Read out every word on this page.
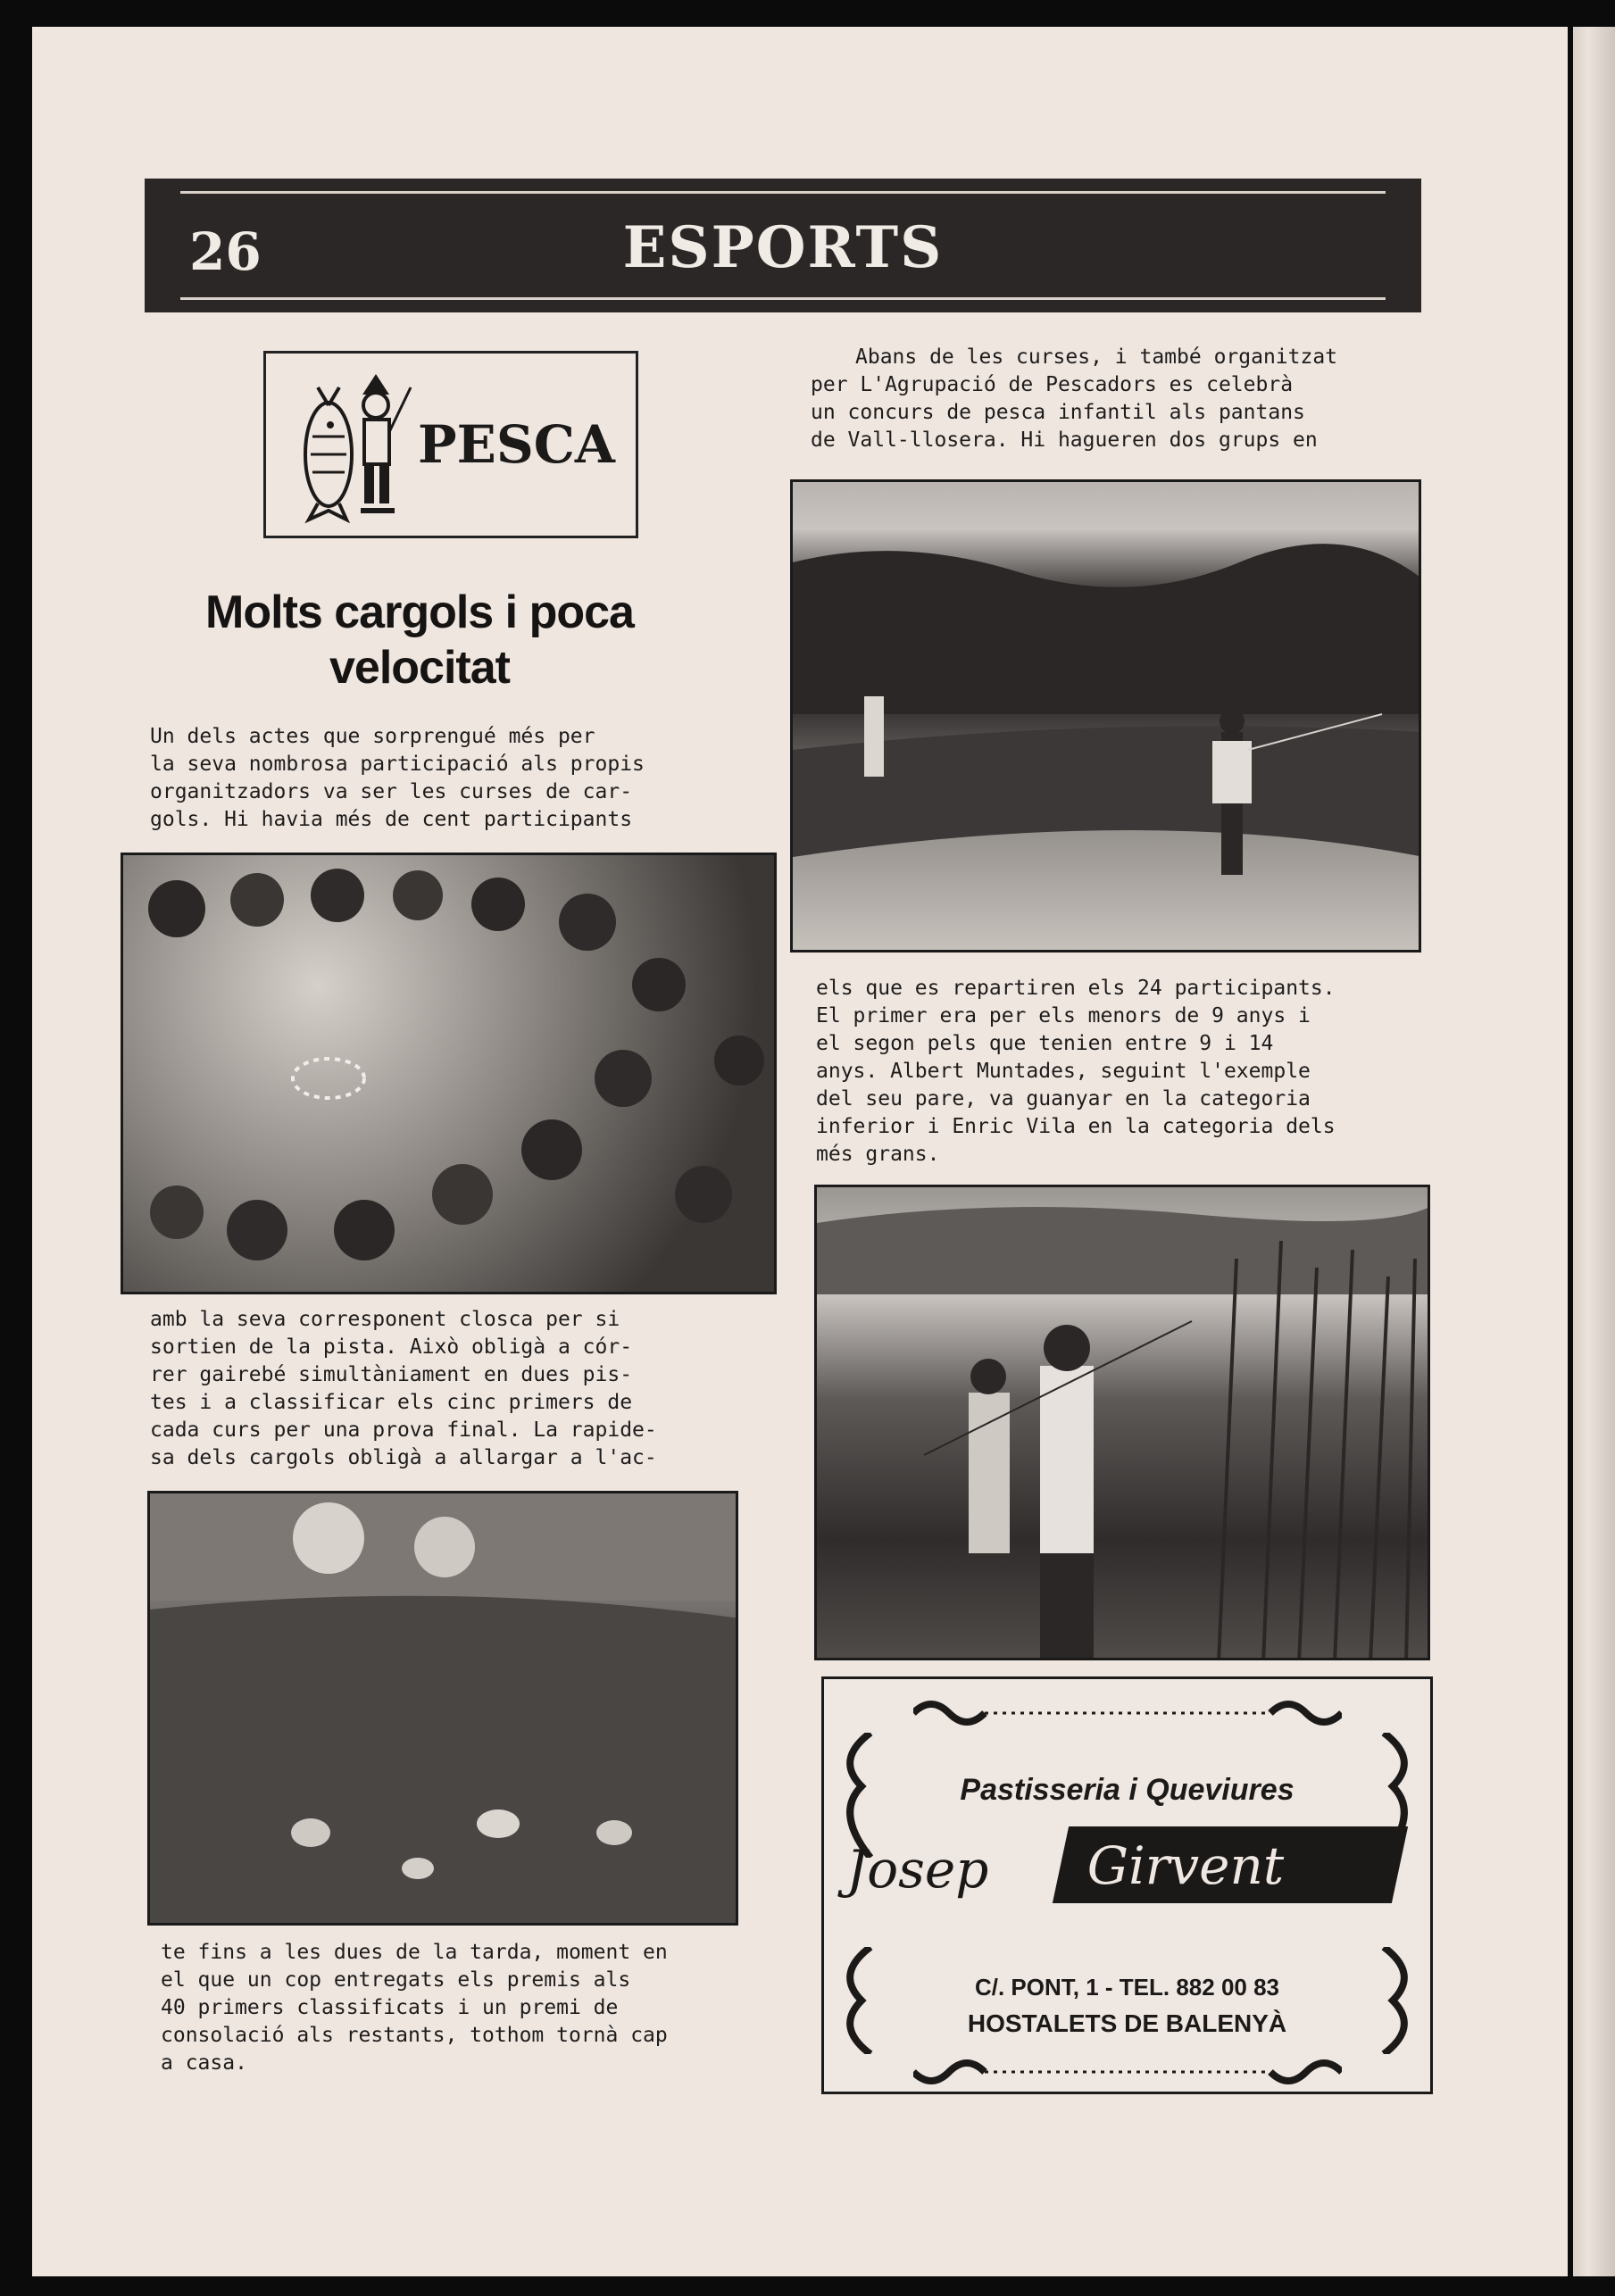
26	ESPORTS
PESCA
Molts cargols i poca
velocitat
Un dels actes que sorprengué més per
la seva nombrosa participació als propis
organitzadors va ser les curses de car-
gols. Hi havia més de cent participants
amb la seva corresponent closca per si
sortien de la pista. Això obligà a cór-
rer gairebé simultàniament en dues pis-
tes i a classificar els cinc primers de
cada curs per una prova final. La rapide-
sa dels cargols obligà a allargar a l'ac-
te fins a les dues de la tarda, moment en
el que un cop entregats els premis als
40 primers classificats i un premi de
consolació als restants, tothom tornà cap
a casa.
Abans de les curses, i també organitzat
per L'Agrupació de Pescadors es celebrà
un concurs de pesca infantil als pantans
de Vall-llosera. Hi hagueren dos grups en
els que es repartiren els 24 participants.
El primer era per els menors de 9 anys i
el segon pels que tenien entre 9 i 14
anys. Albert Muntades, seguint l'exemple
del seu pare, va guanyar en la categoria
inferior i Enric Vila en la categoria dels
més grans.
Pastisseria i Queviures
Josep Girvent
C/. PONT, 1 - TEL. 882 00 83
HOSTALETS DE BALENYÀ
